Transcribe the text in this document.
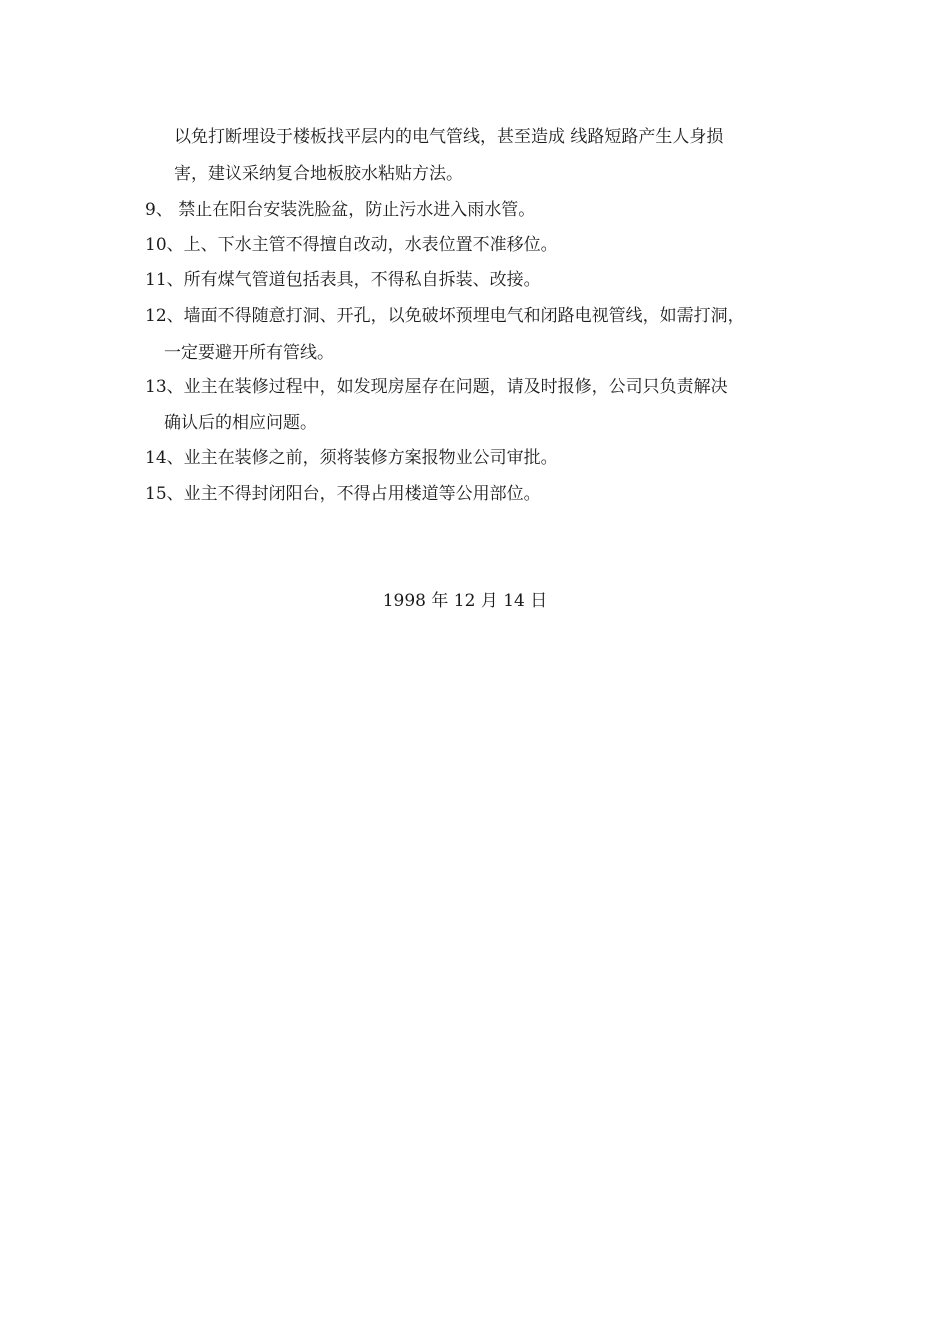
以免打断埋设于楼板找平层内的电气管线，甚至造成 线路短路产生人身损
害，建议采纳复合地板胶水粘贴方法。
9、 禁止在阳台安装洗脸盆，防止污水进入雨水管。
10、上、下水主管不得擅自改动，水表位置不准移位。
11、所有煤气管道包括表具，不得私自拆装、改接。
12、墙面不得随意打洞、开孔，以免破坏预埋电气和闭路电视管线，如需打洞，
一定要避开所有管线。
13、业主在装修过程中，如发现房屋存在问题，请及时报修，公司只负责解决
确认后的相应问题。
14、业主在装修之前，须将装修方案报物业公司审批。
15、业主不得封闭阳台，不得占用楼道等公用部位。
1998 年 12 月 14 日
